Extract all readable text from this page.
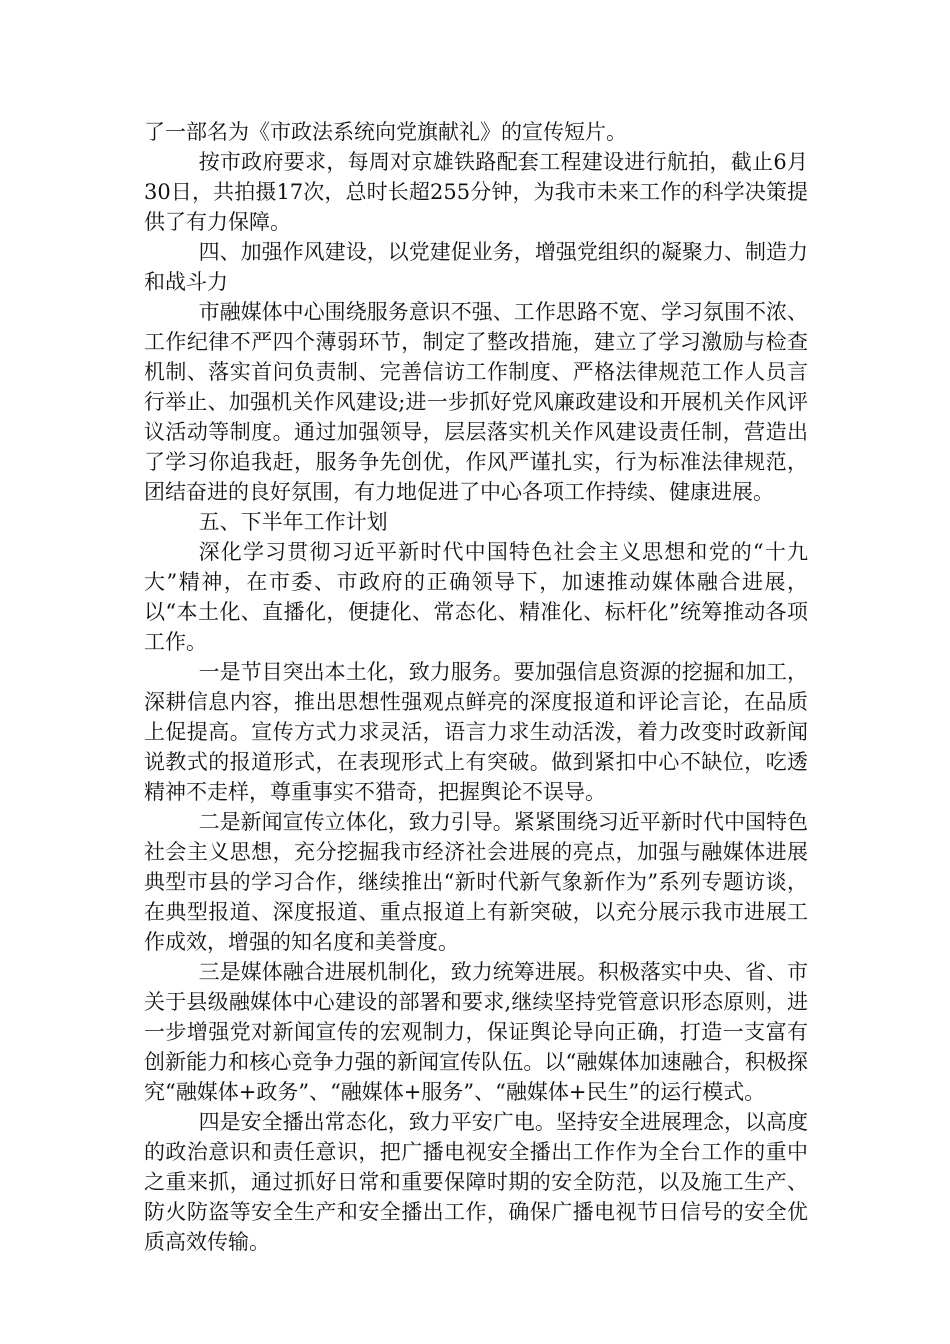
了一部名为《市政法系统向党旗献礼》的宣传短片。

按市政府要求，每周对京雄铁路配套工程建设进行航拍，截止6月30日，共拍摄17次，总时长超255分钟，为我市未来工作的科学决策提供了有力保障。

四、加强作风建设，以党建促业务，增强党组织的凝聚力、制造力和战斗力

市融媒体中心围绕服务意识不强、工作思路不宽、学习氛围不浓、工作纪律不严四个薄弱环节，制定了整改措施，建立了学习激励与检查机制、落实首问负责制、完善信访工作制度、严格法律规范工作人员言行举止、加强机关作风建设;进一步抓好党风廉政建设和开展机关作风评议活动等制度。通过加强领导，层层落实机关作风建设责任制，营造出了学习你追我赶，服务争先创优，作风严谨扎实，行为标准法律规范，团结奋进的良好氛围，有力地促进了中心各项工作持续、健康进展。

五、下半年工作计划

深化学习贯彻习近平新时代中国特色社会主义思想和党的“十九大”精神，在市委、市政府的正确领导下，加速推动媒体融合进展，以“本土化、直播化，便捷化、常态化、精准化、标杆化”统筹推动各项工作。

一是节目突出本土化，致力服务。要加强信息资源的挖掘和加工，深耕信息内容，推出思想性强观点鲜亮的深度报道和评论言论，在品质上促提高。宣传方式力求灵活，语言力求生动活泼，着力改变时政新闻说教式的报道形式，在表现形式上有突破。做到紧扣中心不缺位，吃透精神不走样，尊重事实不猎奇，把握舆论不误导。

二是新闻宣传立体化，致力引导。紧紧围绕习近平新时代中国特色社会主义思想，充分挖掘我市经济社会进展的亮点，加强与融媒体进展典型市县的学习合作，继续推出“新时代新气象新作为”系列专题访谈，在典型报道、深度报道、重点报道上有新突破，以充分展示我市进展工作成效，增强的知名度和美誉度。

三是媒体融合进展机制化，致力统筹进展。积极落实中央、省、市关于县级融媒体中心建设的部署和要求,继续坚持党管意识形态原则，进一步增强党对新闻宣传的宏观制力，保证舆论导向正确，打造一支富有创新能力和核心竞争力强的新闻宣传队伍。以“融媒体加速融合，积极探究“融媒体+政务”、“融媒体+服务”、“融媒体+民生”的运行模式。

四是安全播出常态化，致力平安广电。坚持安全进展理念，以高度的政治意识和责任意识，把广播电视安全播出工作作为全台工作的重中之重来抓，通过抓好日常和重要保障时期的安全防范，以及施工生产、防火防盗等安全生产和安全播出工作，确保广播电视节日信号的安全优质高效传输。
